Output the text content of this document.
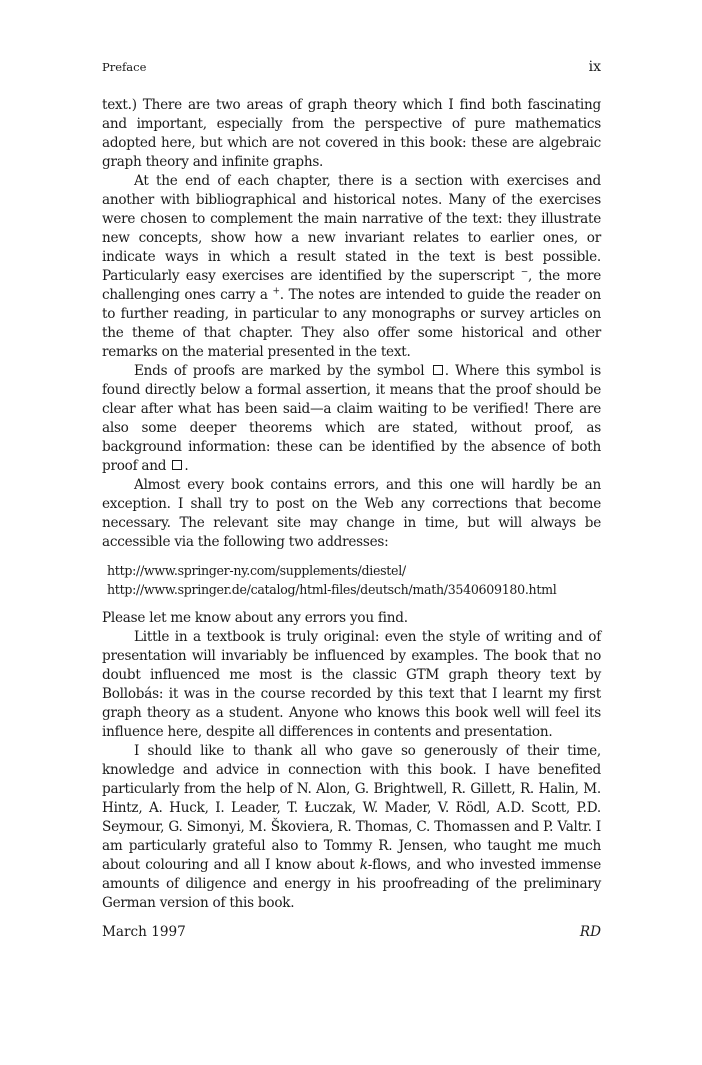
Preface	ix

text.) There are two areas of graph theory which I find both fascinating and important, especially from the perspective of pure mathematics adopted here, but which are not covered in this book: these are algebraic graph theory and infinite graphs.

At the end of each chapter, there is a section with exercises and another with bibliographical and historical notes. Many of the exercises were chosen to complement the main narrative of the text: they illustrate new concepts, show how a new invariant relates to earlier ones, or indicate ways in which a result stated in the text is best possible. Particularly easy exercises are identified by the superscript −, the more challenging ones carry a +. The notes are intended to guide the reader on to further reading, in particular to any monographs or survey articles on the theme of that chapter. They also offer some historical and other remarks on the material presented in the text.

Ends of proofs are marked by the symbol . Where this symbol is found directly below a formal assertion, it means that the proof should be clear after what has been said—a claim waiting to be verified! There are also some deeper theorems which are stated, without proof, as background information: these can be identified by the absence of both proof and .

Almost every book contains errors, and this one will hardly be an exception. I shall try to post on the Web any corrections that become necessary. The relevant site may change in time, but will always be accessible via the following two addresses:

http://www.springer-ny.com/supplements/diestel/
http://www.springer.de/catalog/html-files/deutsch/math/3540609180.html

Please let me know about any errors you find.

Little in a textbook is truly original: even the style of writing and of presentation will invariably be influenced by examples. The book that no doubt influenced me most is the classic GTM graph theory text by Bollobás: it was in the course recorded by this text that I learnt my first graph theory as a student. Anyone who knows this book well will feel its influence here, despite all differences in contents and presentation.

I should like to thank all who gave so generously of their time, knowledge and advice in connection with this book. I have benefited particularly from the help of N. Alon, G. Brightwell, R. Gillett, R. Halin, M. Hintz, A. Huck, I. Leader, T. Łuczak, W. Mader, V. Rödl, A.D. Scott, P.D. Seymour, G. Simonyi, M. Škoviera, R. Thomas, C. Thomassen and P. Valtr. I am particularly grateful also to Tommy R. Jensen, who taught me much about colouring and all I know about k-flows, and who invested immense amounts of diligence and energy in his proofreading of the preliminary German version of this book.

March 1997	RD
